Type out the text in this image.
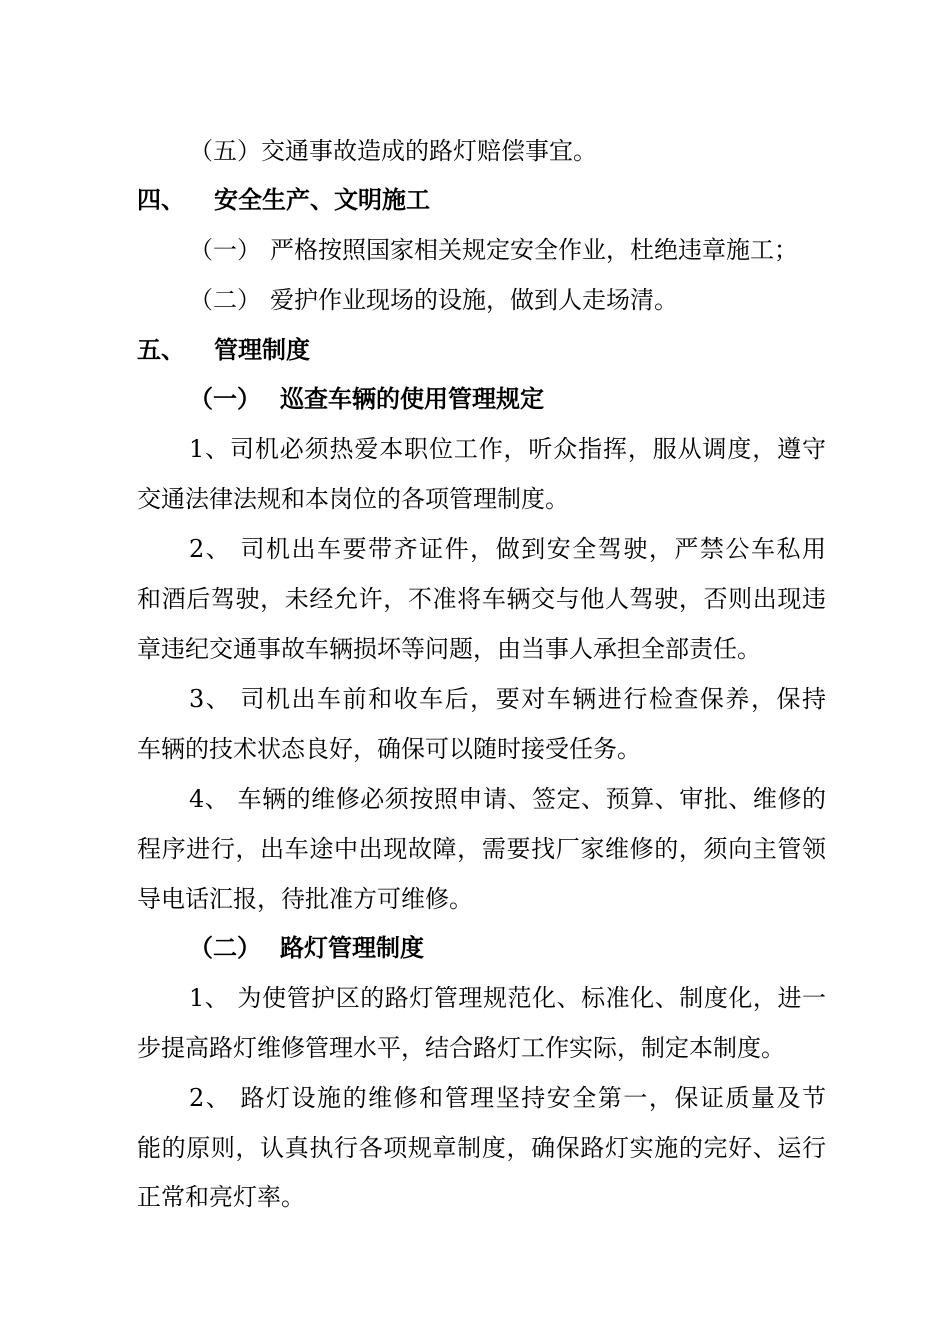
（五）交通事故造成的路灯赔偿事宜。
四、 安全生产、文明施工
（一） 严格按照国家相关规定安全作业，杜绝违章施工；
（二） 爱护作业现场的设施，做到人走场清。
五、 管理制度
（一） 巡查车辆的使用管理规定
1、司机必须热爱本职位工作，听众指挥，服从调度，遵守
交通法律法规和本岗位的各项管理制度。
2、 司机出车要带齐证件，做到安全驾驶，严禁公车私用
和酒后驾驶，未经允许，不准将车辆交与他人驾驶，否则出现违
章违纪交通事故车辆损坏等问题，由当事人承担全部责任。
3、 司机出车前和收车后，要对车辆进行检查保养，保持
车辆的技术状态良好，确保可以随时接受任务。
4、 车辆的维修必须按照申请、签定、预算、审批、维修的
程序进行，出车途中出现故障，需要找厂家维修的，须向主管领
导电话汇报，待批准方可维修。
（二） 路灯管理制度
1、 为使管护区的路灯管理规范化、标准化、制度化，进一
步提高路灯维修管理水平，结合路灯工作实际，制定本制度。
2、 路灯设施的维修和管理坚持安全第一，保证质量及节
能的原则，认真执行各项规章制度，确保路灯实施的完好、运行
正常和亮灯率。
